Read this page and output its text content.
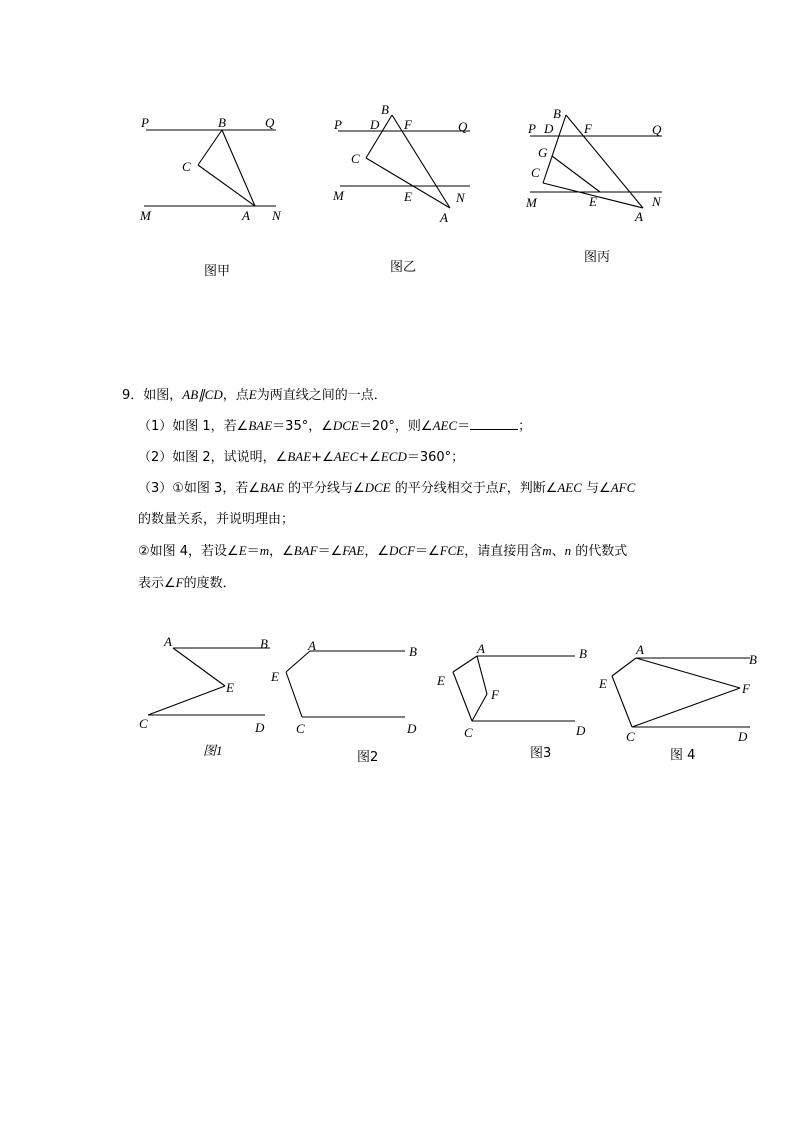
P	B	Q
C
M	A N
图甲
B
P D F	Q
C
M	E	N
A
图乙
B
P D F	Q
G
C
M	E	N
A
图丙
9．如图，AB∥CD，点E为两直线之间的一点．
（1）如图 1，若∠BAE＝35°，∠DCE＝20°，则∠AEC＝	；
（2）如图 2，试说明，∠BAE+∠AEC+∠ECD＝360°；
（3）①如图 3，若∠BAE 的平分线与∠DCE 的平分线相交于点F，判断∠AEC 与∠AFC
的数量关系，并说明理由；
②如图 4，若设∠E＝m，∠BAF＝∠FAE，∠DCF＝∠FCE，请直接用含m、n 的代数式
表示∠F的度数．
A	B
E
C	D
图1
A	B
E
C	D
图2
A	B
E
F
C	D
图3
A
B
E	F
C	D
图 4
